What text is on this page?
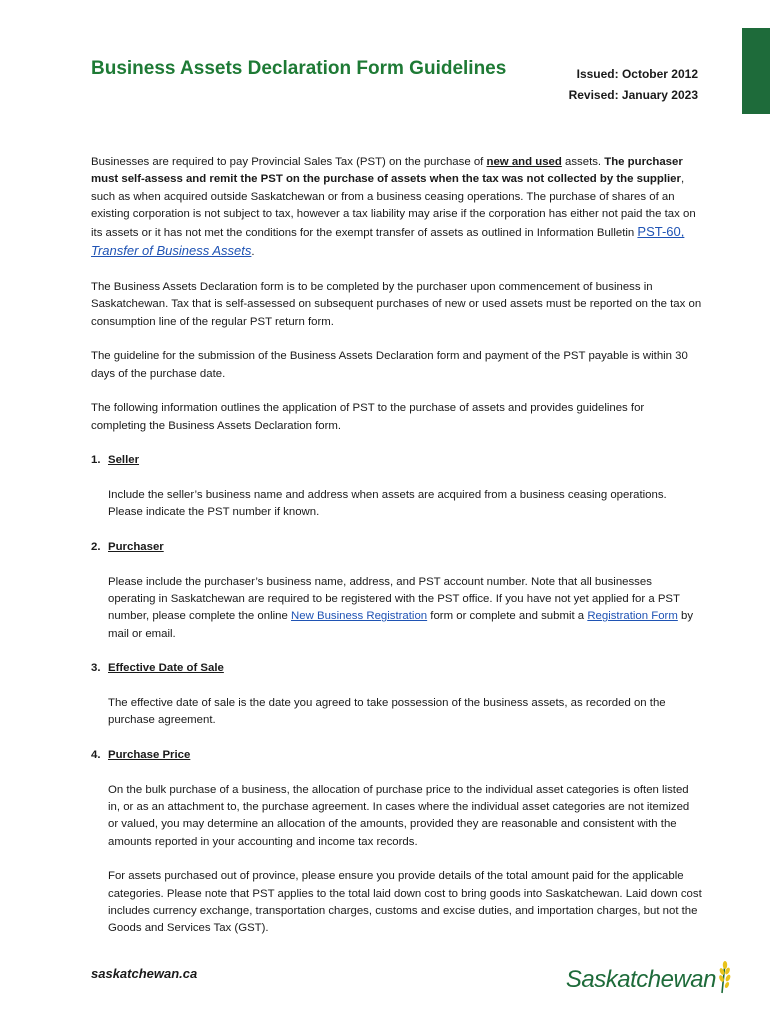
Business Assets Declaration Form Guidelines	Issued: October 2012
Revised: January 2023

Businesses are required to pay Provincial Sales Tax (PST) on the purchase of new and used assets. The purchaser must self-assess and remit the PST on the purchase of assets when the tax was not collected by the supplier, such as when acquired outside Saskatchewan or from a business ceasing operations. The purchase of shares of an existing corporation is not subject to tax, however a tax liability may arise if the corporation has either not paid the tax on its assets or it has not met the conditions for the exempt transfer of assets as outlined in Information Bulletin PST-60, Transfer of Business Assets.

The Business Assets Declaration form is to be completed by the purchaser upon commencement of business in Saskatchewan. Tax that is self-assessed on subsequent purchases of new or used assets must be reported on the tax on consumption line of the regular PST return form.

The guideline for the submission of the Business Assets Declaration form and payment of the PST payable is within 30 days of the purchase date.

The following information outlines the application of PST to the purchase of assets and provides guidelines for completing the Business Assets Declaration form.

1. Seller

Include the seller’s business name and address when assets are acquired from a business ceasing operations. Please indicate the PST number if known.

2. Purchaser

Please include the purchaser’s business name, address, and PST account number. Note that all businesses operating in Saskatchewan are required to be registered with the PST office. If you have not yet applied for a PST number, please complete the online New Business Registration form or complete and submit a Registration Form by mail or email.

3. Effective Date of Sale

The effective date of sale is the date you agreed to take possession of the business assets, as recorded on the purchase agreement.

4. Purchase Price

On the bulk purchase of a business, the allocation of purchase price to the individual asset categories is often listed in, or as an attachment to, the purchase agreement. In cases where the individual asset categories are not itemized or valued, you may determine an allocation of the amounts, provided they are reasonable and consistent with the amounts reported in your accounting and income tax records.

For assets purchased out of province, please ensure you provide details of the total amount paid for the applicable categories. Please note that PST applies to the total laid down cost to bring goods into Saskatchewan. Laid down cost includes currency exchange, transportation charges, customs and excise duties, and importation charges, but not the Goods and Services Tax (GST).

saskatchewan.ca	Saskatchewan
